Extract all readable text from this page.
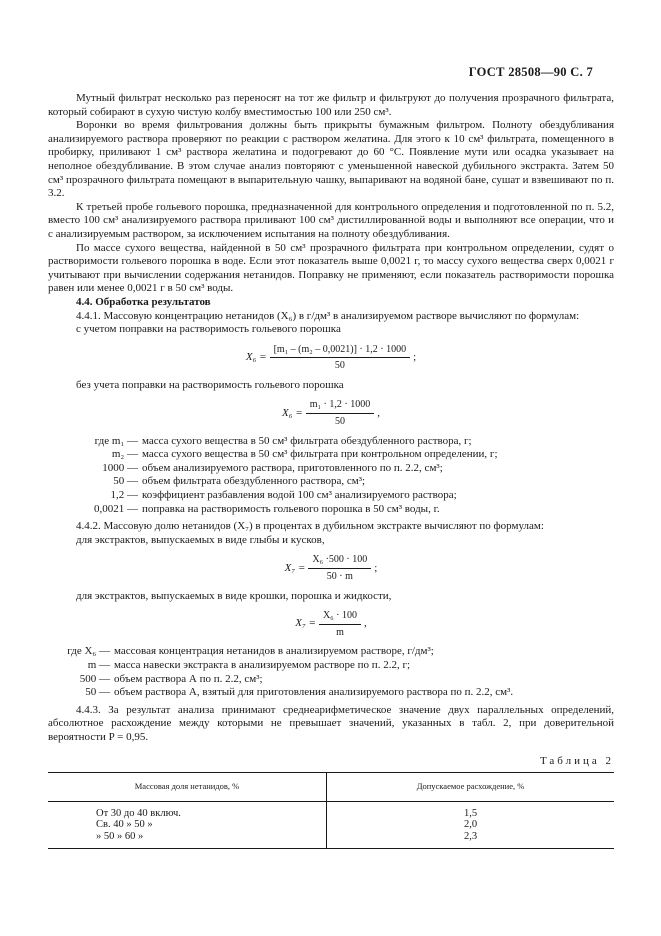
ГОСТ 28508—90 С. 7

Мутный фильтрат несколько раз переносят на тот же фильтр и фильтруют до получения прозрачного фильтрата, который собирают в сухую чистую колбу вместимостью 100 или 250 см³.

Воронки во время фильтрования должны быть прикрыты бумажным фильтром. Полноту обездубливания анализируемого раствора проверяют по реакции с раствором желатина. Для этого к 10 см³ фильтрата, помещенного в пробирку, приливают 1 см³ раствора желатина и подогревают до 60 °С. Появление мути или осадка указывает на неполное обездубливание. В этом случае анализ повторяют с уменьшенной навеской дубильного экстракта. Затем 50 см³ прозрачного фильтрата помещают в выпарительную чашку, выпаривают на водяной бане, сушат и взвешивают по п. 3.2.

К третьей пробе гольевого порошка, предназначенной для контрольного определения и подготовленной по п. 5.2, вместо 100 см³ анализируемого раствора приливают 100 см³ дистиллированной воды и выполняют все операции, что и с анализируемым раствором, за исключением испытания на полноту обездубливания.

По массе сухого вещества, найденной в 50 см³ прозрачного фильтрата при контрольном определении, судят о растворимости гольевого порошка в воде. Если этот показатель выше 0,0021 г, то массу сухого вещества сверх 0,0021 г учитывают при вычислении содержания нетанидов. Поправку не применяют, если показатель растворимости порошка равен или менее 0,0021 г в 50 см³ воды.

4.4. Обработка результатов

4.4.1. Массовую концентрацию нетанидов (X₆) в г/дм³ в анализируемом растворе вычисляют по формулам:

с учетом поправки на растворимость гольевого порошка

$X_6 = \frac{\text{[m₁ – (m₂ – 0,0021)] · 1,2 · 1000}}{50}$ ;

без учета поправки на растворимость гольевого порошка

$X_6 = \frac{\text{m₁ · 1,2 · 1000}}{50}$ ,
где m₁ — масса сухого вещества в 50 см³ фильтрата обездубленного раствора, г;
m₂ — масса сухого вещества в 50 см³ фильтрата при контрольном определении, г;
1000 — объем анализируемого раствора, приготовленного по п. 2.2, см³;
50 — объем фильтрата обездубленного раствора, см³;
1,2 — коэффициент разбавления водой 100 см³ анализируемого раствора;
0,0021 — поправка на растворимость гольевого порошка в 50 см³ воды, г.

4.4.2. Массовую долю нетанидов (X₇) в процентах в дубильном экстракте вычисляют по формулам:

для экстрактов, выпускаемых в виде глыбы и кусков,

$X_7 = \frac{\text{X₆ ·500 · 100}}{50 \cdot m}$ ;

для экстрактов, выпускаемых в виде крошки, порошка и жидкости,

$X_7 = \frac{\text{X₆ · 100}}{m}$ ,
где X₆ — массовая концентрация нетанидов в анализируемом растворе, г/дм³;
m — масса навески экстракта в анализируемом растворе по п. 2.2, г;
500 — объем раствора А по п. 2.2, см³;
50 — объем раствора А, взятый для приготовления анализируемого раствора по п. 2.2, см³.

4.4.3. За результат анализа принимают среднеарифметическое значение двух параллельных определений, абсолютное расхождение между которыми не превышает значений, указанных в табл. 2, при доверительной вероятности P = 0,95.

Таблица 2
Массовая доля нетанидов, %	Допускаемое расхождение, %
От 30 до 40 включ.	1,5
Св. 40 » 50 »	2,0
» 50 » 60 »	2,3
